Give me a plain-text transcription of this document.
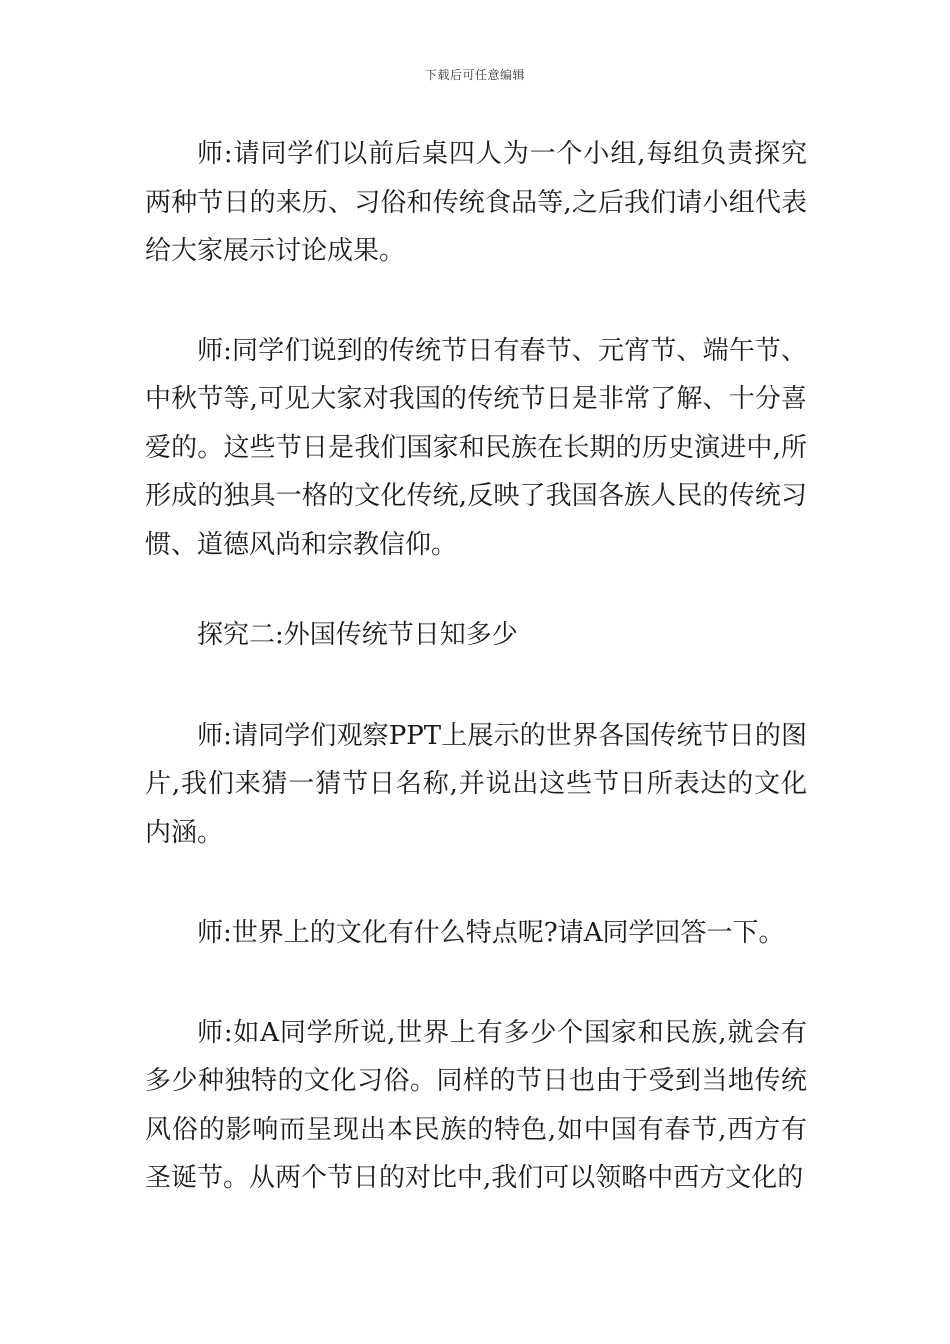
下载后可任意编辑

师:请同学们以前后桌四人为一个小组,每组负责探究两种节日的来历、习俗和传统食品等,之后我们请小组代表给大家展示讨论成果。

师:同学们说到的传统节日有春节、元宵节、端午节、中秋节等,可见大家对我国的传统节日是非常了解、十分喜爱的。这些节日是我们国家和民族在长期的历史演进中,所形成的独具一格的文化传统,反映了我国各族人民的传统习惯、道德风尚和宗教信仰。

探究二:外国传统节日知多少

师:请同学们观察PPT上展示的世界各国传统节日的图片,我们来猜一猜节日名称,并说出这些节日所表达的文化内涵。

师:世界上的文化有什么特点呢?请A同学回答一下。

师:如A同学所说,世界上有多少个国家和民族,就会有多少种独特的文化习俗。同样的节日也由于受到当地传统风俗的影响而呈现出本民族的特色,如中国有春节,西方有圣诞节。从两个节日的对比中,我们可以领略中西方文化的
